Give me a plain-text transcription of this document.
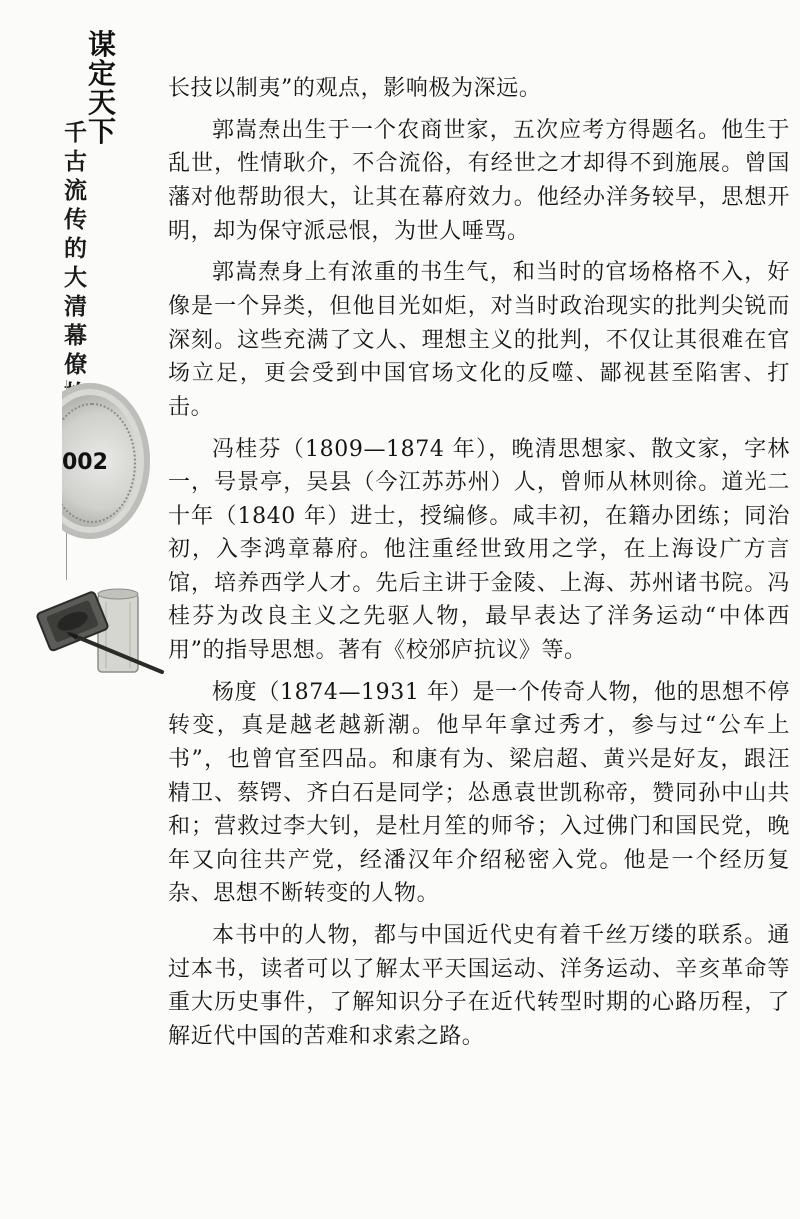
谋定天下
千古流传的大清幕僚
002

长技以制夷”的观点，影响极为深远。

郭嵩焘出生于一个农商世家，五次应考方得题名。他生于乱世，性情耿介，不合流俗，有经世之才却得不到施展。曾国藩对他帮助很大，让其在幕府效力。他经办洋务较早，思想开明，却为保守派忌恨，为世人唾骂。

郭嵩焘身上有浓重的书生气，和当时的官场格格不入，好像是一个异类，但他目光如炬，对当时政治现实的批判尖锐而深刻。这些充满了文人、理想主义的批判，不仅让其很难在官场立足，更会受到中国官场文化的反噬、鄙视甚至陷害、打击。

冯桂芬（1809—1874 年），晚清思想家、散文家，字林一，号景亭，吴县（今江苏苏州）人，曾师从林则徐。道光二十年（1840 年）进士，授编修。咸丰初，在籍办团练；同治初，入李鸿章幕府。他注重经世致用之学，在上海设广方言馆，培养西学人才。先后主讲于金陵、上海、苏州诸书院。冯桂芬为改良主义之先驱人物，最早表达了洋务运动“中体西用”的指导思想。著有《校邠庐抗议》等。

杨度（1874—1931 年）是一个传奇人物，他的思想不停转变，真是越老越新潮。他早年拿过秀才，参与过“公车上书”，也曾官至四品。和康有为、梁启超、黄兴是好友，跟汪精卫、蔡锷、齐白石是同学；怂恿袁世凯称帝，赞同孙中山共和；营救过李大钊，是杜月笙的师爷；入过佛门和国民党，晚年又向往共产党，经潘汉年介绍秘密入党。他是一个经历复杂、思想不断转变的人物。

本书中的人物，都与中国近代史有着千丝万缕的联系。通过本书，读者可以了解太平天国运动、洋务运动、辛亥革命等重大历史事件，了解知识分子在近代转型时期的心路历程，了解近代中国的苦难和求索之路。
